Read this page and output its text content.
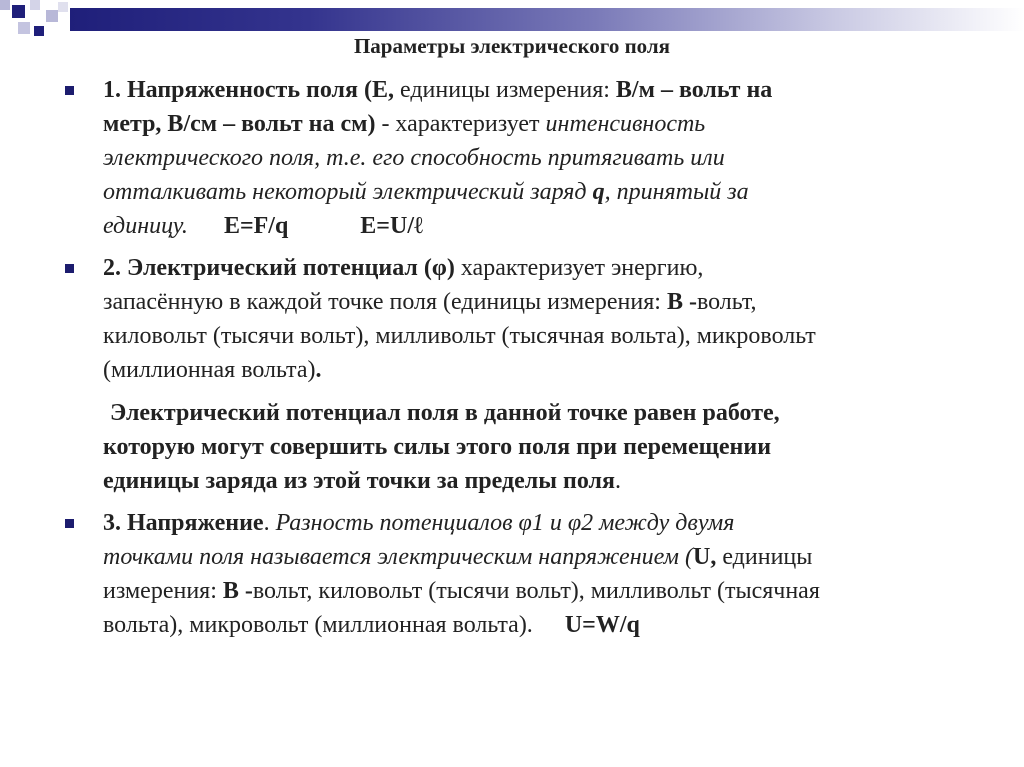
Параметры электрического поля
1. Напряженность поля (Е, единицы измерения: В/м – вольт на
метр, В/см – вольт на см) - характеризует интенсивность
электрического поля, т.е. его способность притягивать или
отталкивать некоторый электрический заряд q, принятый за
единицу. E=F/q	E=U/ℓ
2. Электрический потенциал (φ) характеризует энергию,
запасённую в каждой точке поля (единицы измерения: В -вольт,
киловольт (тысячи вольт), милливольт (тысячная вольта), микровольт
(миллионная вольта).
Электрический потенциал поля в данной точке равен работе,
которую могут совершить силы этого поля при перемещении
единицы заряда из этой точки за пределы поля.
3. Напряжение. Разность потенциалов φ1 и φ2 между двумя
точками поля называется электрическим напряжением (U, единицы
измерения: В -вольт, киловольт (тысячи вольт), милливольт (тысячная
вольта), микровольт (миллионная вольта). U=W/q
